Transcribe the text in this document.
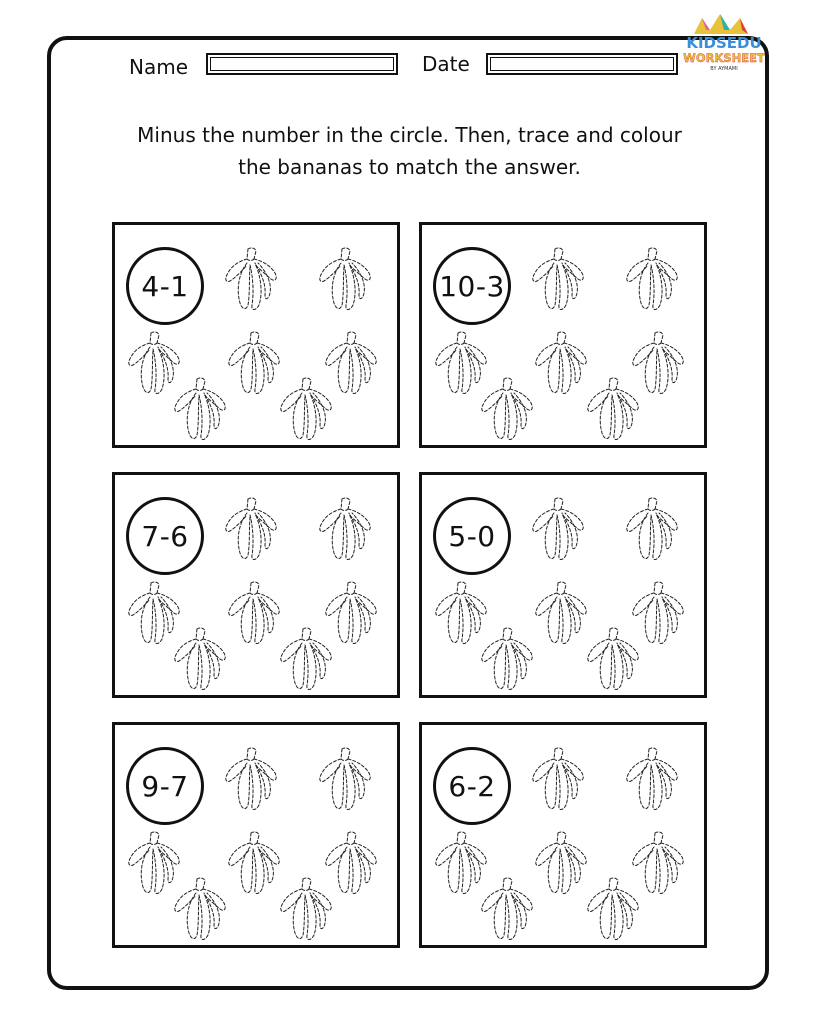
Name	Date
KIDSEDU
WORKSHEET
BY AYMAMI
Minus the number in the circle. Then, trace and colour
the bananas to match the answer.
4-1	10-3
7-6	5-0
9-7	6-2
